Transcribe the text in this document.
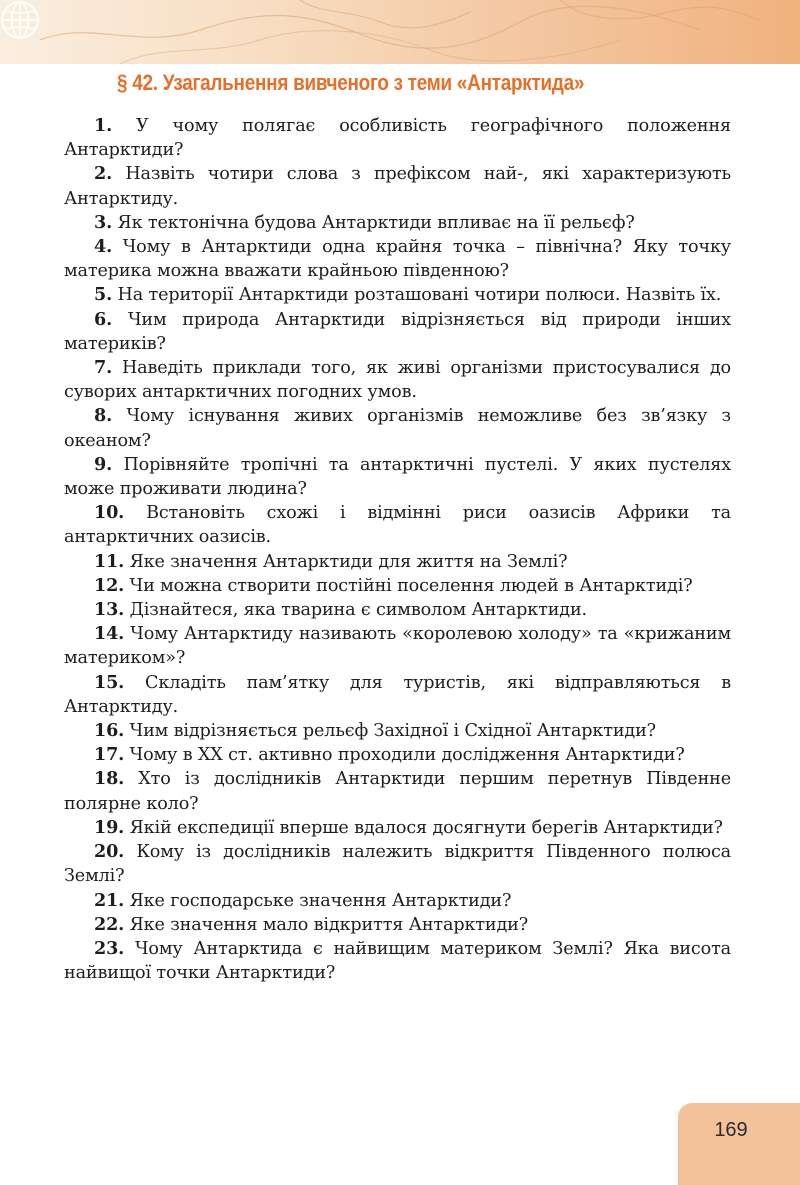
§ 42. Узагальнення вивченого з теми «Антарктида»

1. У чому полягає особливість географічного положення Антарктиди?

2. Назвіть чотири слова з префіксом най-, які характеризують Антарктиду.

3. Як тектонічна будова Антарктиди впливає на її рельєф?

4. Чому в Антарктиди одна крайня точка – північна? Яку точку материка можна вважати крайньою південною?

5. На території Антарктиди розташовані чотири полюси. Назвіть їх.

6. Чим природа Антарктиди відрізняється від природи інших материків?

7. Наведіть приклади того, як живі організми пристосувалися до суворих антарктичних погодних умов.

8. Чому існування живих організмів неможливе без зв’язку з океаном?

9. Порівняйте тропічні та антарктичні пустелі. У яких пустелях може проживати людина?

10. Встановіть схожі і відмінні риси оазисів Африки та антарктичних оазисів.

11. Яке значення Антарктиди для життя на Землі?

12. Чи можна створити постійні поселення людей в Антарктиді?

13. Дізнайтеся, яка тварина є символом Антарктиди.

14. Чому Антарктиду називають «королевою холоду» та «крижаним материком»?

15. Складіть пам’ятку для туристів, які відправляються в Антарктиду.

16. Чим відрізняється рельєф Західної і Східної Антарктиди?

17. Чому в XX ст. активно проходили дослідження Антарктиди?

18. Хто із дослідників Антарктиди першим перетнув Південне полярне коло?

19. Якій експедиції вперше вдалося досягнути берегів Антарктиди?

20. Кому із дослідників належить відкриття Південного полюса Землі?

21. Яке господарське значення Антарктиди?

22. Яке значення мало відкриття Антарктиди?

23. Чому Антарктида є найвищим материком Землі? Яка висота найвищої точки Антарктиди?

169
